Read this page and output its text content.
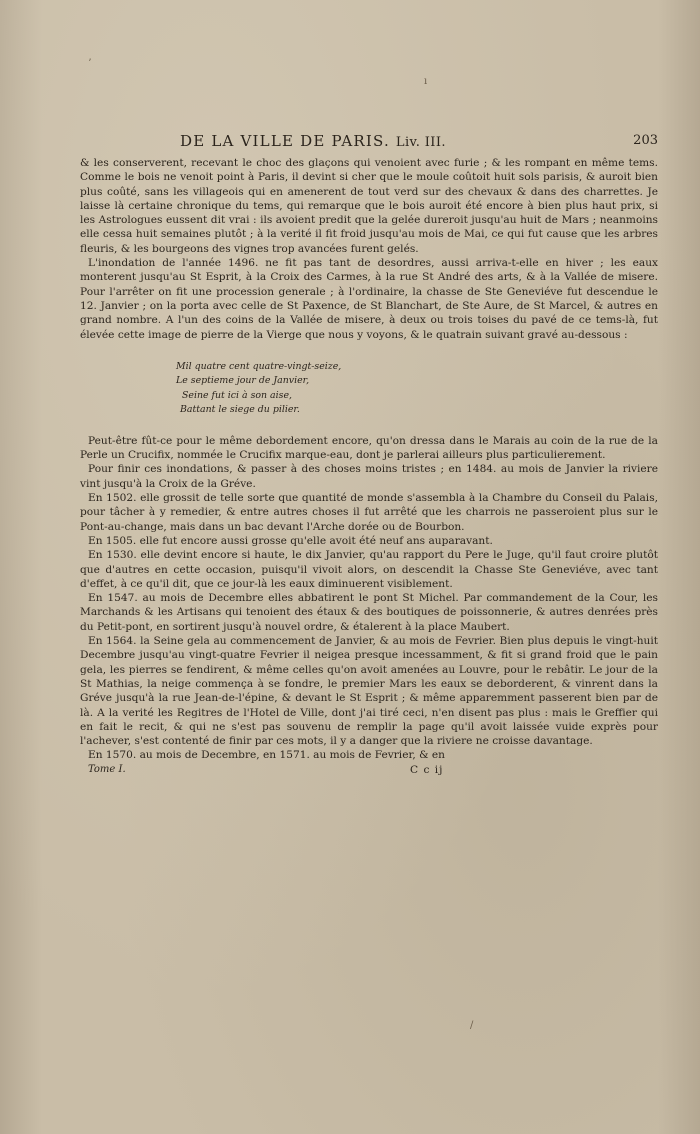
ʼ
ı
/
DE LA VILLE DE PARIS. Liv. III.	203

& les conserverent, recevant le choc des glaçons qui venoient avec furie ; & les rompant en même tems. Comme le bois ne venoit point à Paris, il devint si cher que le moule coûtoit huit sols parisis, & auroit bien plus coûté, sans les villageois qui en amenerent de tout verd sur des chevaux & dans des charrettes. Je laisse là certaine chronique du tems, qui remarque que le bois auroit été encore à bien plus haut prix, si les Astrologues eussent dit vrai : ils avoient predit que la gelée dureroit jusqu'au huit de Mars ; neanmoins elle cessa huit semaines plutôt ; à la verité il fit froid jusqu'au mois de Mai, ce qui fut cause que les arbres fleuris, & les bourgeons des vignes trop avancées furent gelés.

L'inondation de l'année 1496. ne fit pas tant de desordres, aussi arriva-t-elle en hiver ; les eaux monterent jusqu'au St Esprit, à la Croix des Carmes, à la rue St André des arts, & à la Vallée de misere. Pour l'arrêter on fit une procession generale ; à l'ordinaire, la chasse de Ste Geneviéve fut descendue le 12. Janvier ; on la porta avec celle de St Paxence, de St Blanchart, de Ste Aure, de St Marcel, & autres en grand nombre. A l'un des coins de la Vallée de misere, à deux ou trois toises du pavé de ce tems-là, fut élevée cette image de pierre de la Vierge que nous y voyons, & le quatrain suivant gravé au-dessous :

Mil quatre cent quatre-vingt-seize,
Le septieme jour de Janvier,
Seine fut ici à son aise,
Battant le siege du pilier.

Peut-être fût-ce pour le même debordement encore, qu'on dressa dans le Marais au coin de la rue de la Perle un Crucifix, nommée le Crucifix marque-eau, dont je parlerai ailleurs plus particulierement.

Pour finir ces inondations, & passer à des choses moins tristes ; en 1484. au mois de Janvier la riviere vint jusqu'à la Croix de la Gréve.

En 1502. elle grossit de telle sorte que quantité de monde s'assembla à la Chambre du Conseil du Palais, pour tâcher à y remedier, & entre autres choses il fut arrêté que les charrois ne passeroient plus sur le Pont-au-change, mais dans un bac devant l'Arche dorée ou de Bourbon.

En 1505. elle fut encore aussi grosse qu'elle avoit été neuf ans auparavant.

En 1530. elle devint encore si haute, le dix Janvier, qu'au rapport du Pere le Juge, qu'il faut croire plutôt que d'autres en cette occasion, puisqu'il vivoit alors, on descendit la Chasse Ste Geneviéve, avec tant d'effet, à ce qu'il dit, que ce jour-là les eaux diminuerent visiblement.

En 1547. au mois de Decembre elles abbatirent le pont St Michel. Par commandement de la Cour, les Marchands & les Artisans qui tenoient des étaux & des boutiques de poissonnerie, & autres denrées près du Petit-pont, en sortirent jusqu'à nouvel ordre, & étalerent à la place Maubert.

En 1564. la Seine gela au commencement de Janvier, & au mois de Fevrier. Bien plus depuis le vingt-huit Decembre jusqu'au vingt-quatre Fevrier il neigea presque incessamment, & fit si grand froid que le pain gela, les pierres se fendirent, & même celles qu'on avoit amenées au Louvre, pour le rebâtir. Le jour de la St Mathias, la neige commença à se fondre, le premier Mars les eaux se deborderent, & vinrent dans la Gréve jusqu'à la rue Jean-de-l'épine, & devant le St Esprit ; & même apparemment passerent bien par de là. A la verité les Regitres de l'Hotel de Ville, dont j'ai tiré ceci, n'en disent pas plus : mais le Greffier qui en fait le recit, & qui ne s'est pas souvenu de remplir la page qu'il avoit laissée vuide exprès pour l'achever, s'est contenté de finir par ces mots, il y a danger que la riviere ne croisse davantage.

En 1570. au mois de Decembre, en 1571. au mois de Fevrier, & en

Tome I.	C c ij
